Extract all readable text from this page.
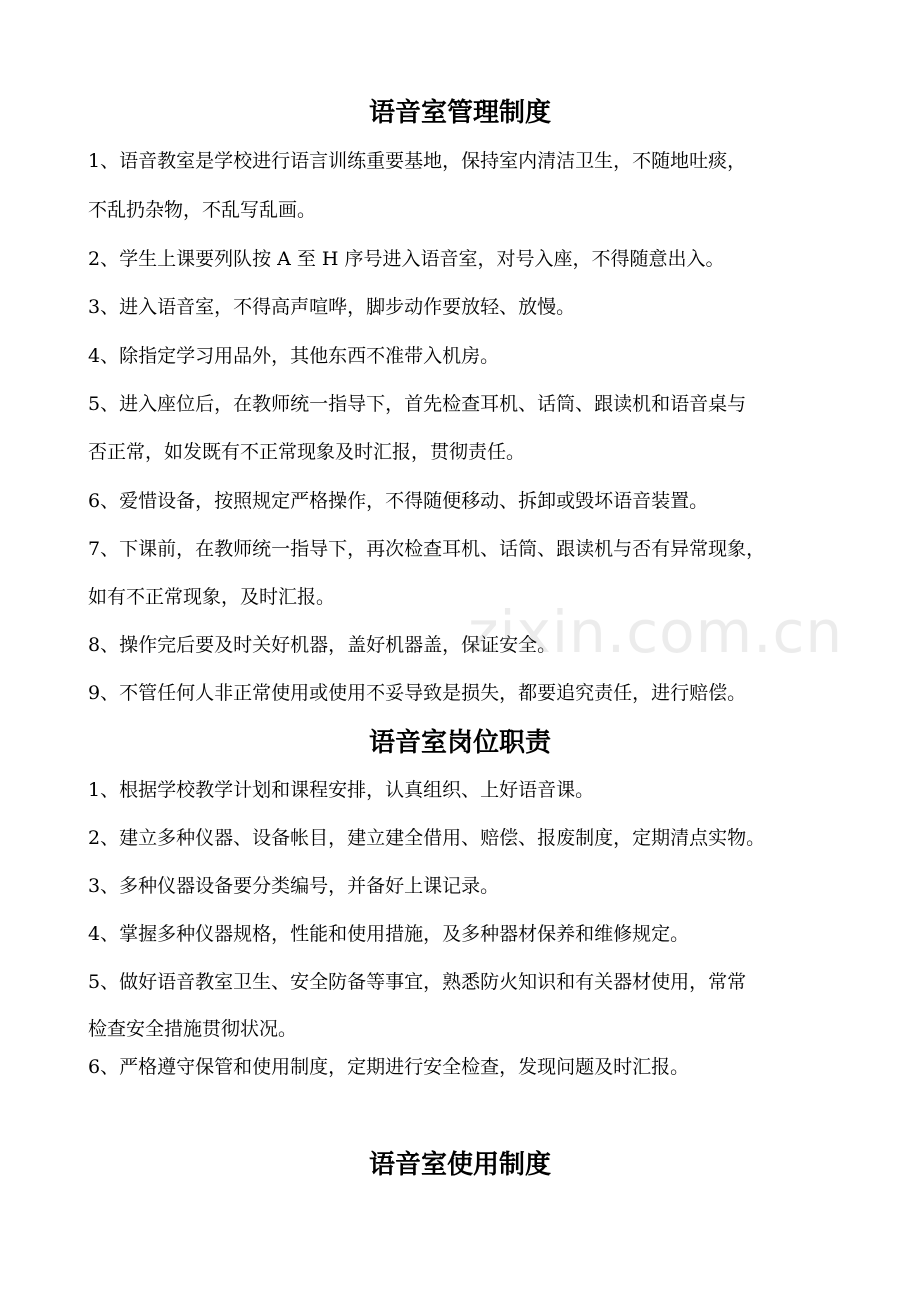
语音室管理制度
1、语音教室是学校进行语言训练重要基地，保持室内清洁卫生，不随地吐痰，
不乱扔杂物，不乱写乱画。
2、学生上课要列队按 A 至 H 序号进入语音室，对号入座，不得随意出入。
3、进入语音室，不得高声喧哗，脚步动作要放轻、放慢。
4、除指定学习用品外，其他东西不准带入机房。
5、进入座位后，在教师统一指导下，首先检查耳机、话筒、跟读机和语音桌与
否正常，如发既有不正常现象及时汇报，贯彻责任。
6、爱惜设备，按照规定严格操作，不得随便移动、拆卸或毁坏语音装置。
7、下课前，在教师统一指导下，再次检查耳机、话筒、跟读机与否有异常现象，
如有不正常现象，及时汇报。
8、操作完后要及时关好机器，盖好机器盖，保证安全。
9、不管任何人非正常使用或使用不妥导致是损失，都要追究责任，进行赔偿。
语音室岗位职责
1、根据学校教学计划和课程安排，认真组织、上好语音课。
2、建立多种仪器、设备帐目，建立建全借用、赔偿、报废制度，定期清点实物。
3、多种仪器设备要分类编号，并备好上课记录。
4、掌握多种仪器规格，性能和使用措施，及多种器材保养和维修规定。
5、做好语音教室卫生、安全防备等事宜，熟悉防火知识和有关器材使用，常常
检查安全措施贯彻状况。
6、严格遵守保管和使用制度，定期进行安全检查，发现问题及时汇报。
语音室使用制度
zixin.com.cn
